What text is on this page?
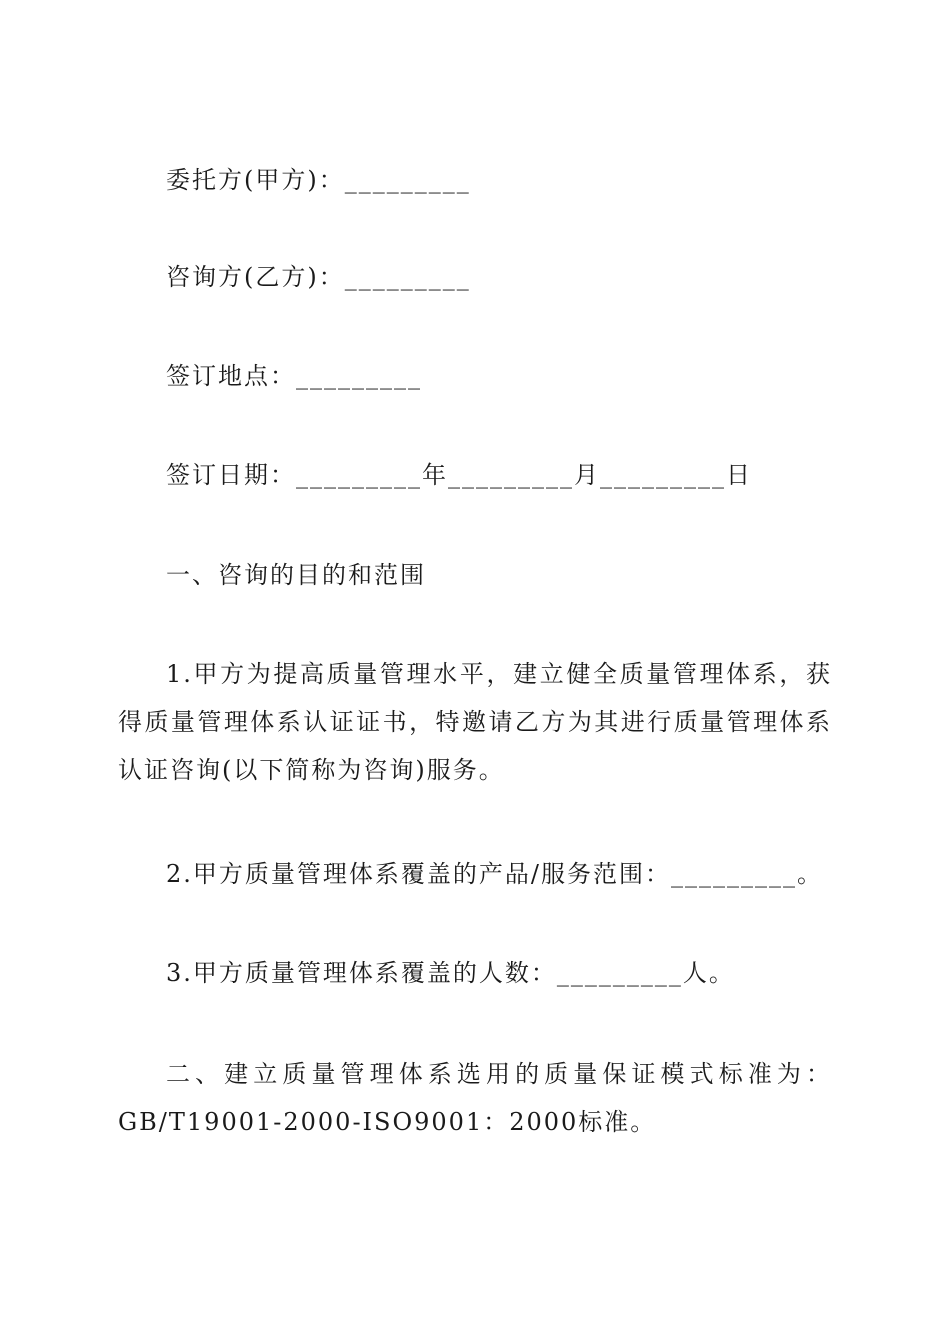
委托方(甲方)：_________
咨询方(乙方)：_________
签订地点：_________
签订日期：_________年_________月_________日
一、咨询的目的和范围
1.甲方为提高质量管理水平，建立健全质量管理体系，获得质量管理体系认证证书，特邀请乙方为其进行质量管理体系认证咨询(以下简称为咨询)服务。
2.甲方质量管理体系覆盖的产品/服务范围：_________。
3.甲方质量管理体系覆盖的人数：_________人。
二、建立质量管理体系选用的质量保证模式标准为：GB/T19001-2000-ISO9001：2000标准。
